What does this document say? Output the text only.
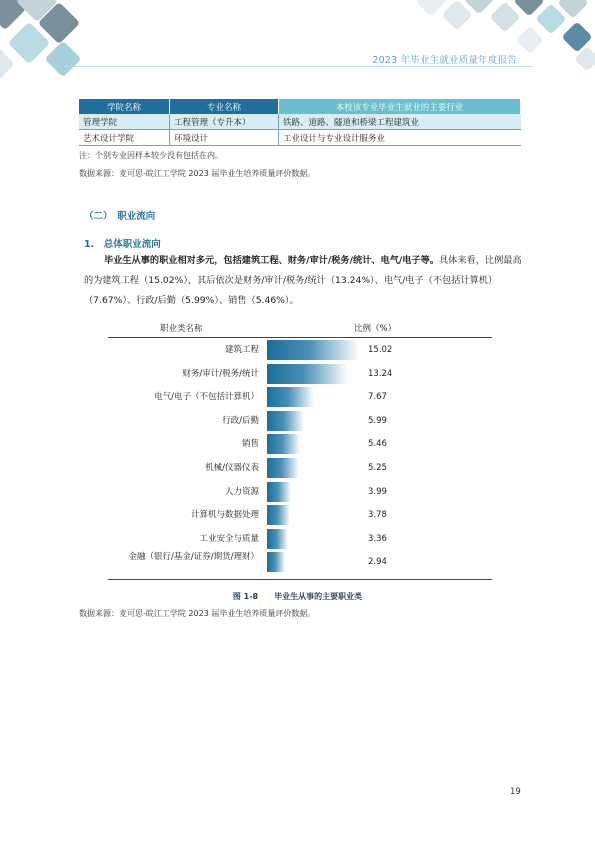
2023 年毕业生就业质量年度报告
学院名称	专业名称	本校该专业毕业生就业的主要行业
管理学院	工程管理（专升本）	铁路、道路、隧道和桥梁工程建筑业
艺术设计学院	环境设计	工业设计与专业设计服务业
注：个别专业因样本较少没有包括在内。
数据来源：麦可思-皖江工学院 2023 届毕业生培养质量评价数据。
（二）　职业流向
1.　总体职业流向
毕业生从事的职业相对多元，包括建筑工程、财务/审计/税务/统计、电气/电子等。具体来看，比例最高的为建筑工程（15.02%），其后依次是财务/审计/税务/统计（13.24%）、电气/电子（不包括计算机）（7.67%）、行政/后勤（5.99%）、销售（5.46%）。
职业类名称	比例（%）
建筑工程	15.02
财务/审计/税务/统计	13.24
电气/电子（不包括计算机）	7.67
行政/后勤	5.99
销售	5.46
机械/仪器仪表	5.25
人力资源	3.99
计算机与数据处理	3.78
工业安全与质量	3.36
金融（银行/基金/证券/期货/理财）	2.94
图 1-8　　毕业生从事的主要职业类
数据来源：麦可思-皖江工学院 2023 届毕业生培养质量评价数据。
19
